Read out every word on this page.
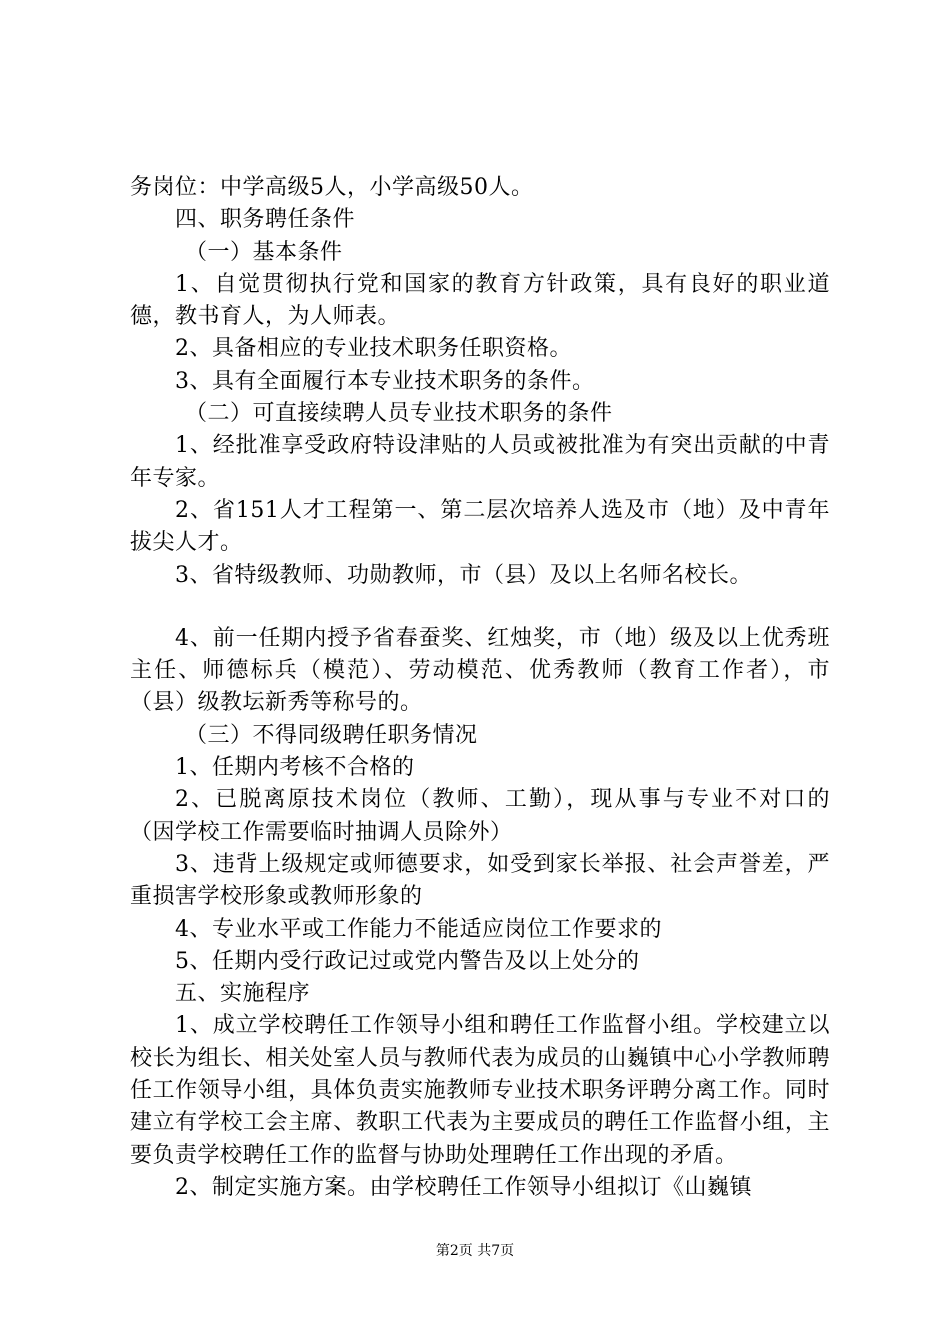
务岗位：中学高级5人，小学高级50人。

四、职务聘任条件

（一）基本条件

1、自觉贯彻执行党和国家的教育方针政策，具有良好的职业道德，教书育人，为人师表。

2、具备相应的专业技术职务任职资格。

3、具有全面履行本专业技术职务的条件。

（二）可直接续聘人员专业技术职务的条件

1、经批准享受政府特设津贴的人员或被批准为有突出贡献的中青年专家。

2、省151人才工程第一、第二层次培养人选及市（地）及中青年拔尖人才。

3、省特级教师、功勋教师，市（县）及以上名师名校长。

4、前一任期内授予省春蚕奖、红烛奖，市（地）级及以上优秀班主任、师德标兵（模范）、劳动模范、优秀教师（教育工作者），市（县）级教坛新秀等称号的。

（三）不得同级聘任职务情况

1、任期内考核不合格的

2、已脱离原技术岗位（教师、工勤），现从事与专业不对口的（因学校工作需要临时抽调人员除外）

3、违背上级规定或师德要求，如受到家长举报、社会声誉差，严重损害学校形象或教师形象的

4、专业水平或工作能力不能适应岗位工作要求的

5、任期内受行政记过或党内警告及以上处分的

五、实施程序

1、成立学校聘任工作领导小组和聘任工作监督小组。学校建立以校长为组长、相关处室人员与教师代表为成员的山巍镇中心小学教师聘任工作领导小组，具体负责实施教师专业技术职务评聘分离工作。同时建立有学校工会主席、教职工代表为主要成员的聘任工作监督小组，主要负责学校聘任工作的监督与协助处理聘任工作出现的矛盾。

2、制定实施方案。由学校聘任工作领导小组拟订《山巍镇

第2页 共7页
